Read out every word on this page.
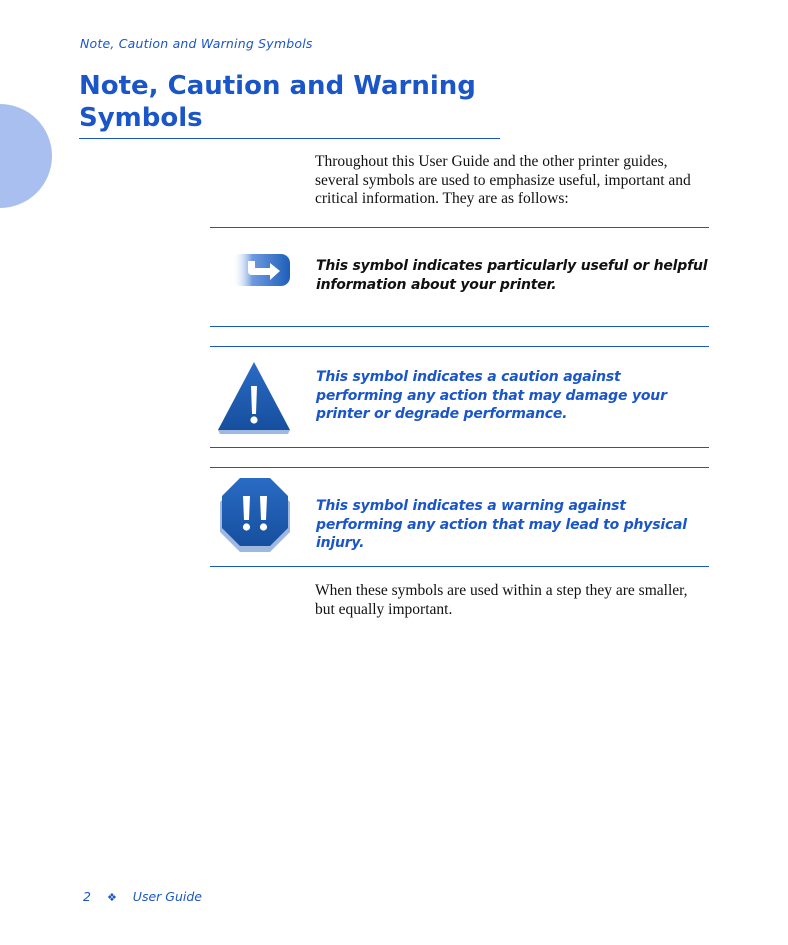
Note, Caution and Warning Symbols
Note, Caution and Warning Symbols

Throughout this User Guide and the other printer guides, several symbols are used to emphasize useful, important and critical information. They are as follows:

This symbol indicates particularly useful or helpful information about your printer.

This symbol indicates a caution against performing any action that may damage your printer or degrade performance.

This symbol indicates a warning against performing any action that may lead to physical injury.

When these symbols are used within a step they are smaller, but equally important.

2 ❖ User Guide
